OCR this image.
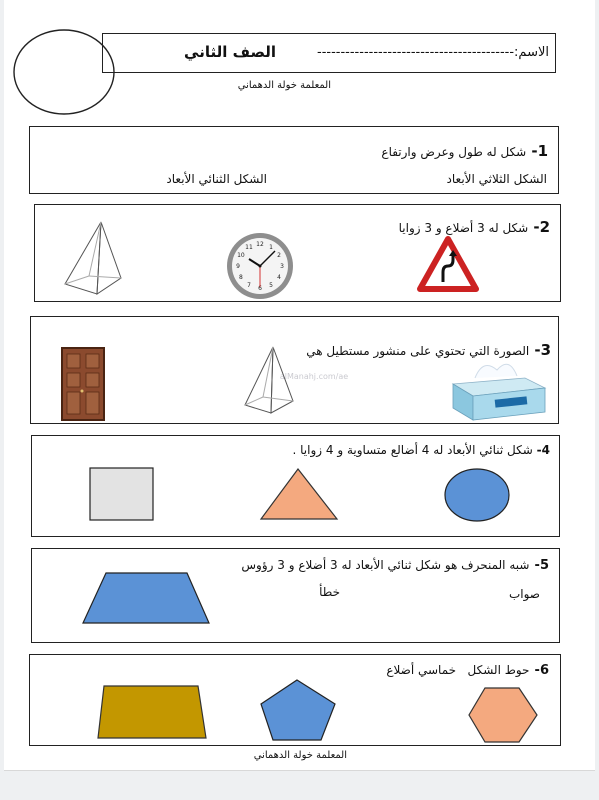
الاسم:------------------------------------------
الصف الثاني
المعلمة خولة الدهماني
1- شكل له طول وعرض وارتفاع
الشكل الثلاثي الأبعاد
الشكل الثنائي الأبعاد
2- شكل له 3 أضلاع و 3 زوايا
12 1
2
3
4
5
6
7
8
9
10
11
3- الصورة التي تحتوي على منشور مستطيل هي
alManahj.com/ae
4- شكل ثنائي الأبعاد له 4 أضالع متساوية و 4 زوايا .
5- شبه المنحرف هو شكل ثنائي الأبعاد له 3 أضلاع و 3 رؤوس
صواب
خطأ
6- حوط الشكل   خماسي أضلاع
المعلمة خولة الدهماني
